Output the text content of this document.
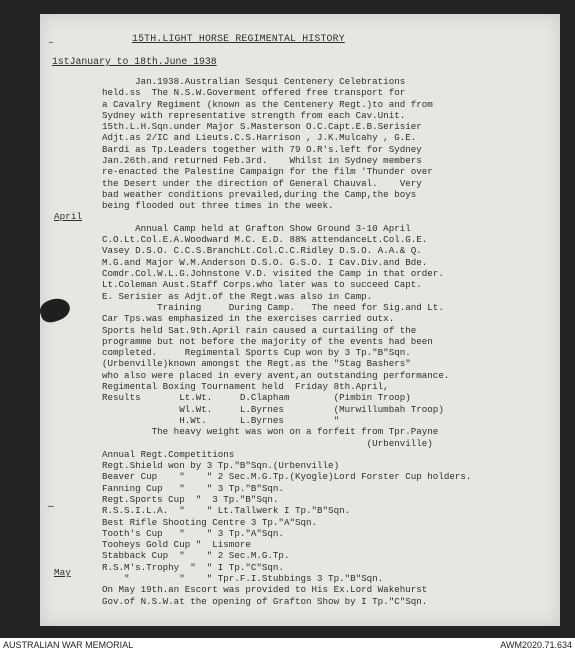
15TH.LIGHT HORSE REGIMENTAL HISTORY
1stJanuary to 18th.June 1938
April
May
–
—
Jan.1938.Australian Sesqui Centenery Celebrations
held.ss  The N.S.W.Goverment offered free transport for
a Cavalry Regiment (known as the Centenery Regt.)to and from
Sydney with representative strength from each Cav.Unit.
15th.L.H.Sqn.under Major S.Masterson O.C.Capt.E.B.Serisier
Adjt.as 2/IC and Lieuts.C.S.Harrison , J.K.Mulcahy , G.E.
Bardi as Tp.Leaders together with 79 O.R's.left for Sydney
Jan.26th.and returned Feb.3rd.    Whilst in Sydney members
re-enacted the Palestine Campaign for the film 'Thunder over
the Desert under the direction of General Chauval.    Very
bad weather conditions prevailed,during the Camp,the boys
being flooded out three times in the week.

Annual Camp held at Grafton Show Ground 3-10 April
C.O.Lt.Col.E.A.Woodward M.C. E.D. 88% attendanceLt.Col.G.E.
Vasey D.S.O. C.C.S.BranchLt.Col.C.C.Ridley D.S.O. A.A.& Q.
M.G.and Major W.M.Anderson D.S.O. G.S.O. I Cav.Div.and Bde.
Comdr.Col.W.L.G.Johnstone V.D. visited the Camp in that order.
Lt.Coleman Aust.Staff Corps.who later was to succeed Capt.
E. Serisier as Adjt.of the Regt.was also in Camp.
Training     During Camp.   The need for Sig.and Lt.
Car Tps.was emphasized in the exercises carried outx.
Sports held Sat.9th.April rain caused a curtailing of the
programme but not before the majority of the events had been
completed.     Regimental Sports Cup won by 3 Tp."B"Sqn.
(Urbenville)known amongst the Regt.as the "Stag Bashers"
who also were placed in every avent,an outstanding performance.
Regimental Boxing Tournament held  Friday 8th.April,
Results       Lt.Wt.     D.Clapham        (Pimbin Troop)
Wl.Wt.     L.Byrnes         (Murwillumbah Troop)
H.Wt.      L.Byrnes         "
The heavy weight was won on a forfeit from Tpr.Payne
(Urbenville)
Annual Regt.Competitions
Regt.Shield won by 3 Tp."B"Sqn.(Urbenville)
Beaver Cup    "    " 2 Sec.M.G.Tp.(Kyogle)Lord Forster Cup holders.
Fanning Cup   "    " 3 Tp."B"Sqn.
Regt.Sports Cup  "  3 Tp."B"Sqn.
R.S.S.I.L.A.  "    " Lt.Tallwerk I Tp."B"Sqn.
Best Rifle Shooting Centre 3 Tp."A"Sqn.
Tooth's Cup   "    " 3 Tp."A"Sqn.
Tooheys Gold Cup "  Lismore
Stabback Cup  "    " 2 Sec.M.G.Tp.
R.S.M's.Trophy  "  " I Tp."C"Sqn.
"         "    " Tpr.F.I.Stubbings 3 Tp."B"Sqn.
On May 19th.an Escort was provided to His Ex.Lord Wakehurst
Gov.of N.S.W.at the opening of Grafton Show by I Tp."C"Sqn.
AUSTRALIAN WAR MEMORIAL	AWM2020.71.634
